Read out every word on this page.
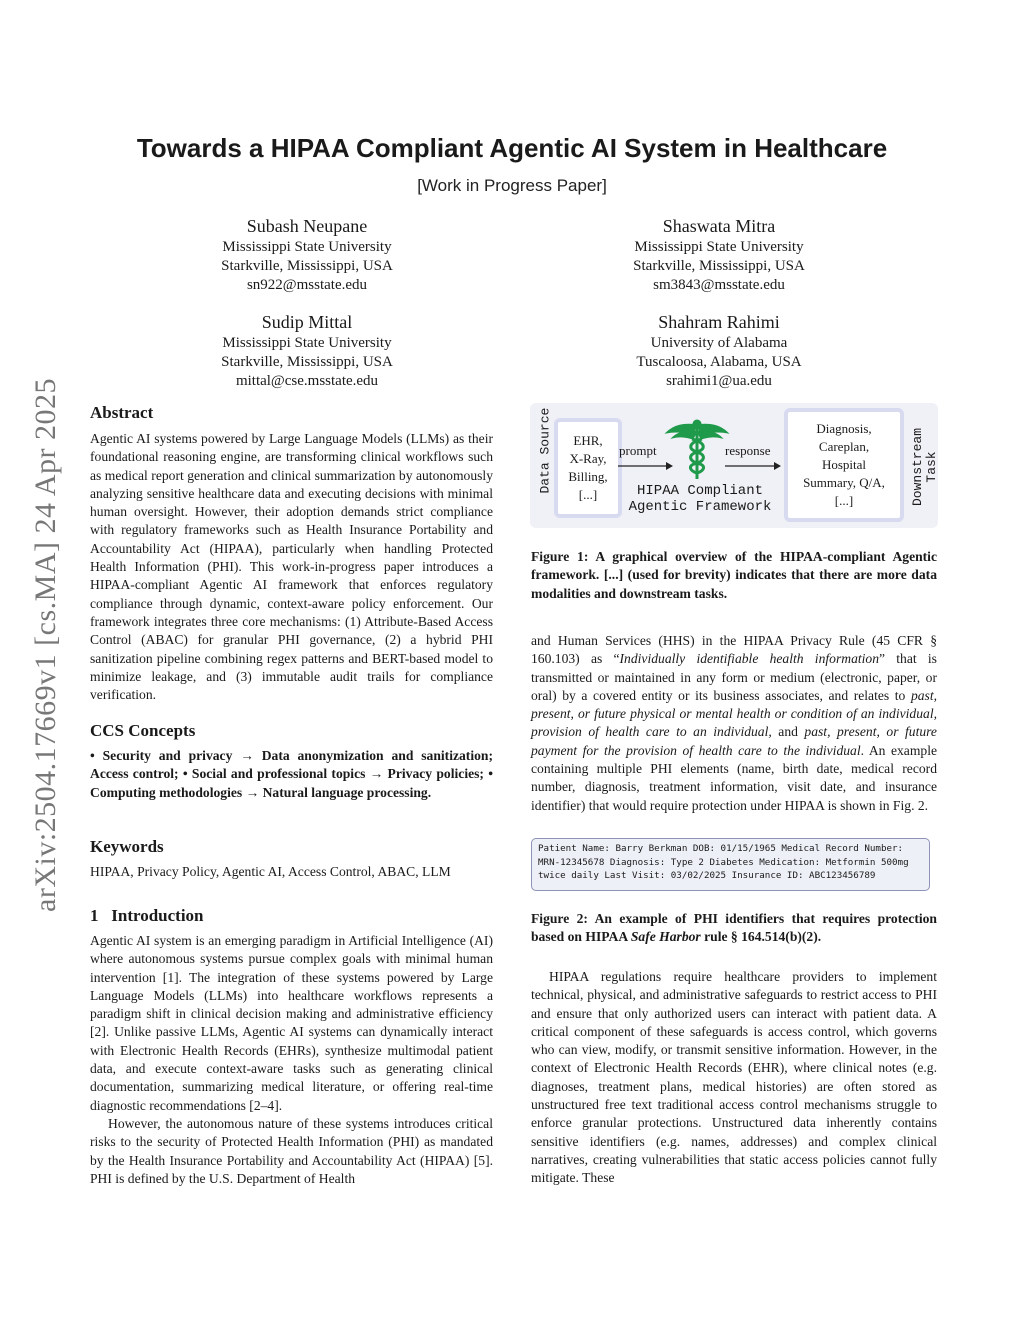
arXiv:2504.17669v1 [cs.MA] 24 Apr 2025
Towards a HIPAA Compliant Agentic AI System in Healthcare
[Work in Progress Paper]
Subash Neupane
Mississippi State University
Starkville, Mississippi, USA
sn922@msstate.edu
Shaswata Mitra
Mississippi State University
Starkville, Mississippi, USA
sm3843@msstate.edu
Sudip Mittal
Mississippi State University
Starkville, Mississippi, USA
mittal@cse.msstate.edu
Shahram Rahimi
University of Alabama
Tuscaloosa, Alabama, USA
srahimi1@ua.edu
Abstract

Agentic AI systems powered by Large Language Models (LLMs) as their foundational reasoning engine, are transforming clinical workflows such as medical report generation and clinical summarization by autonomously analyzing sensitive healthcare data and executing decisions with minimal human oversight. However, their adoption demands strict compliance with regulatory frameworks such as Health Insurance Portability and Accountability Act (HIPAA), particularly when handling Protected Health Information (PHI). This work-in-progress paper introduces a HIPAA-compliant Agentic AI framework that enforces regulatory compliance through dynamic, context-aware policy enforcement. Our framework integrates three core mechanisms: (1) Attribute-Based Access Control (ABAC) for granular PHI governance, (2) a hybrid PHI sanitization pipeline combining regex patterns and BERT-based model to minimize leakage, and (3) immutable audit trails for compliance verification.

CCS Concepts

• Security and privacy → Data anonymization and sanitization; Access control; • Social and professional topics → Privacy policies; • Computing methodologies → Natural language processing.

Keywords

HIPAA, Privacy Policy, Agentic AI, Access Control, ABAC, LLM

1 Introduction

Agentic AI system is an emerging paradigm in Artificial Intelligence (AI) where autonomous systems pursue complex goals with minimal human intervention [1]. The integration of these systems powered by Large Language Models (LLMs) into healthcare workflows represents a paradigm shift in clinical decision making and administrative efficiency [2]. Unlike passive LLMs, Agentic AI systems can dynamically interact with Electronic Health Records (EHRs), synthesize multimodal patient data, and execute context-aware tasks such as generating clinical documentation, summarizing medical literature, or offering real-time diagnostic recommendations [2–4].

However, the autonomous nature of these systems introduces critical risks to the security of Protected Health Information (PHI) as mandated by the Health Insurance Portability and Accountability Act (HIPAA) [5]. PHI is defined by the U.S. Department of Health

Data Source	EHR,
X-Ray,
Billing,
[...]
prompt	response
HIPAA Compliant
Agentic Framework
Diagnosis,
Careplan,
Hospital
Summary, Q/A,
[...]	Downstream Task
Figure 1: A graphical overview of the HIPAA-compliant Agentic framework. [...] (used for brevity) indicates that there are more data modalities and downstream tasks.

and Human Services (HHS) in the HIPAA Privacy Rule (45 CFR § 160.103) as “Individually identifiable health information” that is transmitted or maintained in any form or medium (electronic, paper, or oral) by a covered entity or its business associates, and relates to past, present, or future physical or mental health or condition of an individual, provision of health care to an individual, and past, present, or future payment for the provision of health care to the individual. An example containing multiple PHI elements (name, birth date, medical record number, diagnosis, treatment information, visit date, and insurance identifier) that would require protection under HIPAA is shown in Fig. 2.

Patient Name: Barry Berkman DOB: 01/15/1965 Medical Record Number:
MRN-12345678 Diagnosis: Type 2 Diabetes Medication: Metformin 500mg
twice daily Last Visit: 03/02/2025 Insurance ID: ABC123456789
Figure 2: An example of PHI identifiers that requires protection based on HIPAA Safe Harbor rule § 164.514(b)(2).

HIPAA regulations require healthcare providers to implement technical, physical, and administrative safeguards to restrict access to PHI and ensure that only authorized users can interact with patient data. A critical component of these safeguards is access control, which governs who can view, modify, or transmit sensitive information. However, in the context of Electronic Health Records (EHR), where clinical notes (e.g. diagnoses, treatment plans, medical histories) are often stored as unstructured free text traditional access control mechanisms struggle to enforce granular protections. Unstructured data inherently contains sensitive identifiers (e.g. names, addresses) and complex clinical narratives, creating vulnerabilities that static access policies cannot fully mitigate. These
